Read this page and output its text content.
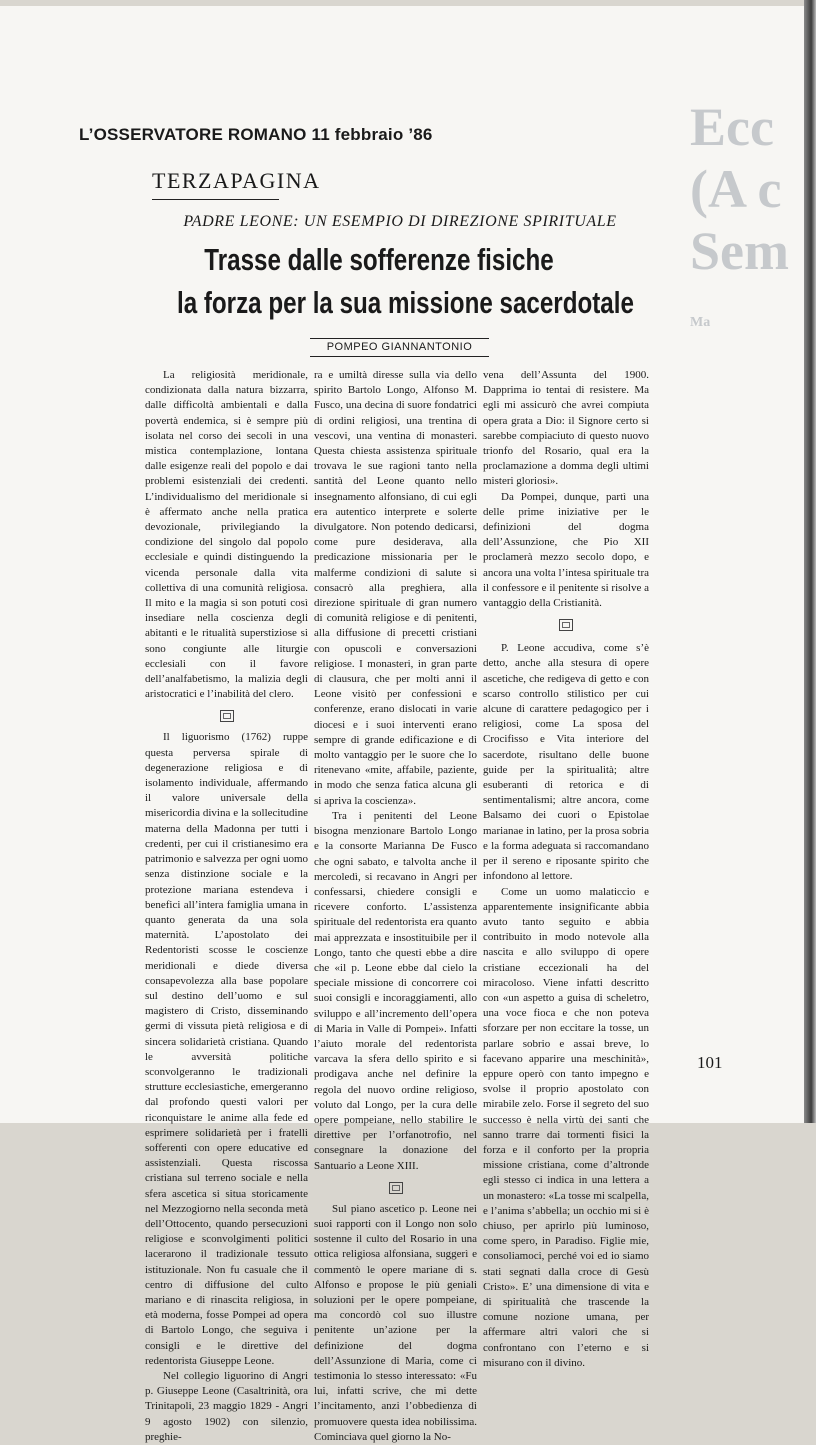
Ecc
(A c
Sem
Ma
L’OSSERVATORE ROMANO 11 febbraio ’86
TERZAPAGINA
PADRE LEONE: UN ESEMPIO DI DIREZIONE SPIRITUALE
Trasse dalle sofferenze fisiche
la forza per la sua missione sacerdotale
POMPEO GIANNANTONIO

La religiosità meridionale, condizionata dalla natura bizzarra, dalle difficoltà ambientali e dalla povertà endemica, si è sempre più isolata nel corso dei secoli in una mistica contemplazione, lontana dalle esigenze reali del popolo e dai problemi esistenziali dei credenti. L’individualismo del meridionale si è affermato anche nella pratica devozionale, privilegiando la condizione del singolo dal popolo ecclesiale e quindi distinguendo la vicenda personale dalla vita collettiva di una comunità religiosa. Il mito e la magia si son potuti così insediare nella coscienza degli abitanti e le ritualità superstiziose si sono congiunte alle liturgie ecclesiali con il favore dell’analfabetismo, la malizia degli aristocratici e l’inabilità del clero.

Il liguorismo (1762) ruppe questa perversa spirale di degenerazione religiosa e di isolamento individuale, affermando il valore universale della misericordia divina e la sollecitudine materna della Madonna per tutti i credenti, per cui il cristianesimo era patrimonio e salvezza per ogni uomo senza distinzione sociale e la protezione mariana estendeva i benefici all’intera famiglia umana in quanto generata da una sola maternità. L’apostolato dei Redentoristi scosse le coscienze meridionali e diede diversa consapevolezza alla base popolare sul destino dell’uomo e sul magistero di Cristo, disseminando germi di vissuta pietà religiosa e di sincera solidarietà cristiana. Quando le avversità politiche sconvolgeranno le tradizionali strutture ecclesiastiche, emergeranno dal profondo questi valori per riconquistare le anime alla fede ed esprimere solidarietà per i fratelli sofferenti con opere educative ed assistenziali. Questa riscossa cristiana sul terreno sociale e nella sfera ascetica si situa storicamente nel Mezzogiorno nella seconda metà dell’Ottocento, quando persecuzioni religiose e sconvolgimenti politici lacerarono il tradizionale tessuto istituzionale. Non fu casuale che il centro di diffusione del culto mariano e di rinascita religiosa, in età moderna, fosse Pompei ad opera di Bartolo Longo, che seguiva i consigli e le direttive del redentorista Giuseppe Leone.

Nel collegio liguorino di Angri p. Giuseppe Leone (Casaltrinità, ora Trinitapoli, 23 maggio 1829 - Angri 9 agosto 1902) con silenzio, preghie-

ra e umiltà diresse sulla via dello spirito Bartolo Longo, Alfonso M. Fusco, una decina di suore fondatrici di ordini religiosi, una trentina di vescovi, una ventina di monasteri. Questa chiesta assistenza spirituale trovava le sue ragioni tanto nella santità del Leone quanto nello insegnamento alfonsiano, di cui egli era autentico interprete e solerte divulgatore. Non potendo dedicarsi, come pure desiderava, alla predicazione missionaria per le malferme condizioni di salute si consacrò alla preghiera, alla direzione spirituale di gran numero di comunità religiose e di penitenti, alla diffusione di precetti cristiani con opuscoli e conversazioni religiose. I monasteri, in gran parte di clausura, che per molti anni il Leone visitò per confessioni e conferenze, erano dislocati in varie diocesi e i suoi interventi erano sempre di grande edificazione e di molto vantaggio per le suore che lo ritenevano «mite, affabile, paziente, in modo che senza fatica alcuna gli si apriva la coscienza».

Tra i penitenti del Leone bisogna menzionare Bartolo Longo e la consorte Marianna De Fusco che ogni sabato, e talvolta anche il mercoledì, si recavano in Angri per confessarsi, chiedere consigli e ricevere conforto. L’assistenza spirituale del redentorista era quanto mai apprezzata e insostituibile per il Longo, tanto che questi ebbe a dire che «il p. Leone ebbe dal cielo la speciale missione di concorrere coi suoi consigli e incoraggiamenti, allo sviluppo e all’incremento dell’opera di Maria in Valle di Pompei». Infatti l’aiuto morale del redentorista varcava la sfera dello spirito e si prodigava anche nel definire la regola del nuovo ordine religioso, voluto dal Longo, per la cura delle opere pompeiane, nello stabilire le direttive per l’orfanotrofio, nel consegnare la donazione del Santuario a Leone XIII.

Sul piano ascetico p. Leone nei suoi rapporti con il Longo non solo sostenne il culto del Rosario in una ottica religiosa alfonsiana, suggerì e commentò le opere mariane di s. Alfonso e propose le più geniali soluzioni per le opere pompeiane, ma concordò col suo illustre penitente un’azione per la definizione del dogma dell’Assunzione di Maria, come ci testimonia lo stesso interessato: «Fu lui, infatti scrive, che mi dette l’incitamento, anzi l’obbedienza di promuovere questa idea nobilissima. Cominciava quel giorno la No-

vena dell’Assunta del 1900. Dapprima io tentai di resistere. Ma egli mi assicurò che avrei compiuta opera grata a Dio: il Signore certo si sarebbe compiaciuto di questo nuovo trionfo del Rosario, qual era la proclamazione a domma degli ultimi misteri gloriosi».

Da Pompei, dunque, partì una delle prime iniziative per le definizioni del dogma dell’Assunzione, che Pio XII proclamerà mezzo secolo dopo, e ancora una volta l’intesa spirituale tra il confessore e il penitente si risolve a vantaggio della Cristianità.

P. Leone accudiva, come s’è detto, anche alla stesura di opere ascetiche, che redigeva di getto e con scarso controllo stilistico per cui alcune di carattere pedagogico per i religiosi, come La sposa del Crocifisso e Vita interiore del sacerdote, risultano delle buone guide per la spiritualità; altre esuberanti di retorica e di sentimentalismi; altre ancora, come Balsamo dei cuori o Epistolae marianae in latino, per la prosa sobria e la forma adeguata si raccomandano per il sereno e riposante spirito che infondono al lettore.

Come un uomo malaticcio e apparentemente insignificante abbia avuto tanto seguito e abbia contribuito in modo notevole alla nascita e allo sviluppo di opere cristiane eccezionali ha del miracoloso. Viene infatti descritto con «un aspetto a guisa di scheletro, una voce fioca e che non poteva sforzare per non eccitare la tosse, un parlare sobrio e assai breve, lo facevano apparire una meschinità», eppure operò con tanto impegno e svolse il proprio apostolato con mirabile zelo. Forse il segreto del suo successo è nella virtù dei santi che sanno trarre dai tormenti fisici la forza e il conforto per la propria missione cristiana, come d’altronde egli stesso ci indica in una lettera a un monastero: «La tosse mi scalpella, e l’anima s’abbella; un occhio mi si è chiuso, per aprirlo più luminoso, come spero, in Paradiso. Figlie mie, consoliamoci, perché voi ed io siamo stati segnati dalla croce di Gesù Cristo». E’ una dimensione di vita e di spiritualità che trascende la comune nozione umana, per affermare altri valori che si confrontano con l’eterno e si misurano con il divino.

101
